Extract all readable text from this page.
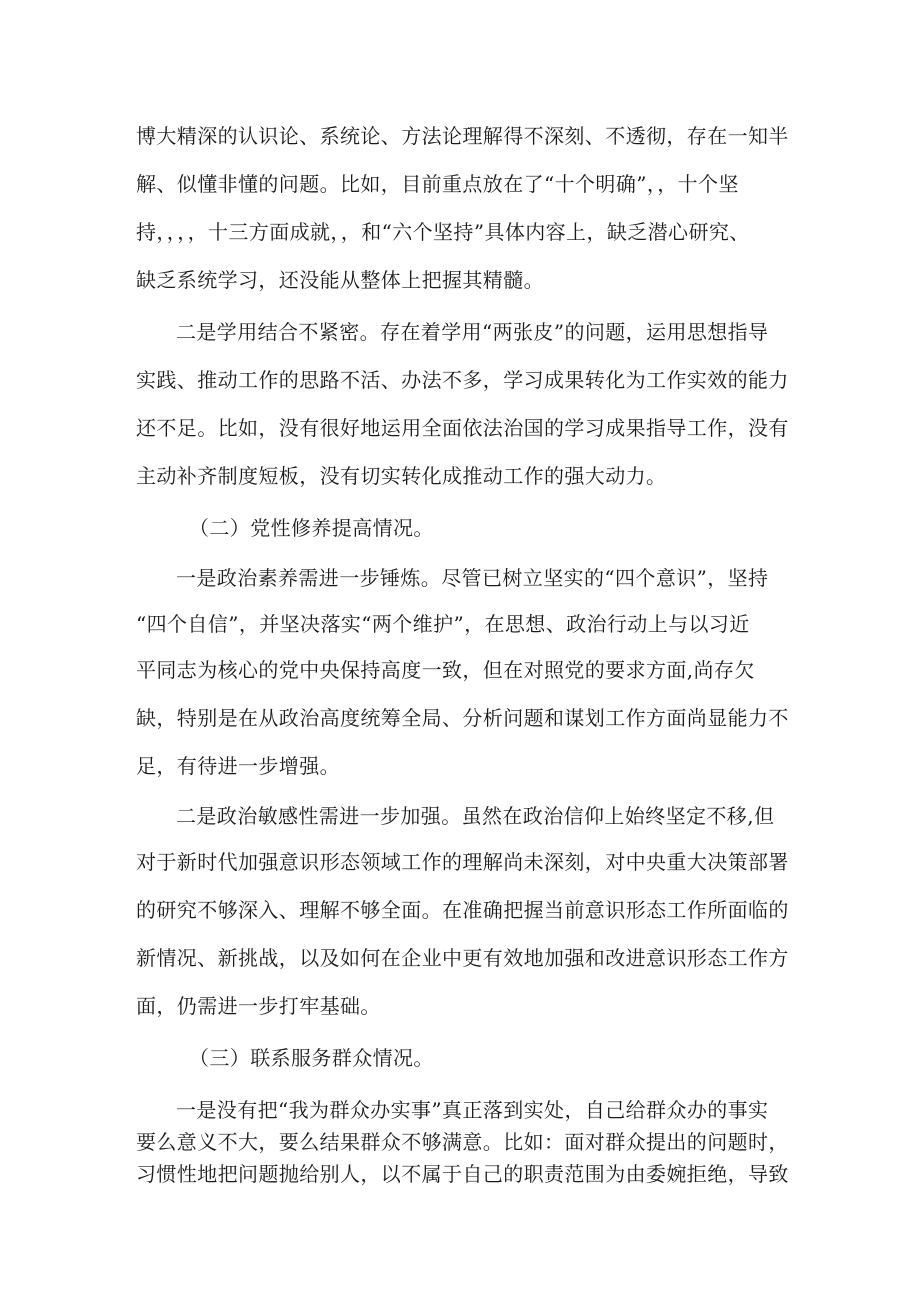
博大精深的认识论、系统论、方法论理解得不深刻、不透彻，存在一知半
解、似懂非懂的问题。比如，目前重点放在了“十个明确”，，十个坚
持，，，，十三方面成就，，和“六个坚持”具体内容上，缺乏潜心研究、
缺乏系统学习，还没能从整体上把握其精髓。
二是学用结合不紧密。存在着学用“两张皮”的问题，运用思想指导
实践、推动工作的思路不活、办法不多，学习成果转化为工作实效的能力
还不足。比如，没有很好地运用全面依法治国的学习成果指导工作，没有
主动补齐制度短板，没有切实转化成推动工作的强大动力。
（二）党性修养提高情况。
一是政治素养需进一步锤炼。尽管已树立坚实的“四个意识”，坚持
“四个自信”，并坚决落实“两个维护”，在思想、政治行动上与以习近
平同志为核心的党中央保持高度一致，但在对照党的要求方面,尚存欠
缺，特别是在从政治高度统筹全局、分析问题和谋划工作方面尚显能力不
足，有待进一步增强。
二是政治敏感性需进一步加强。虽然在政治信仰上始终坚定不移,但
对于新时代加强意识形态领域工作的理解尚未深刻，对中央重大决策部署
的研究不够深入、理解不够全面。在准确把握当前意识形态工作所面临的
新情况、新挑战，以及如何在企业中更有效地加强和改进意识形态工作方
面，仍需进一步打牢基础。
（三）联系服务群众情况。
一是没有把“我为群众办实事”真正落到实处，自己给群众办的事实
要么意义不大，要么结果群众不够满意。比如：面对群众提出的问题时，
习惯性地把问题抛给别人，以不属于自己的职责范围为由委婉拒绝，导致
